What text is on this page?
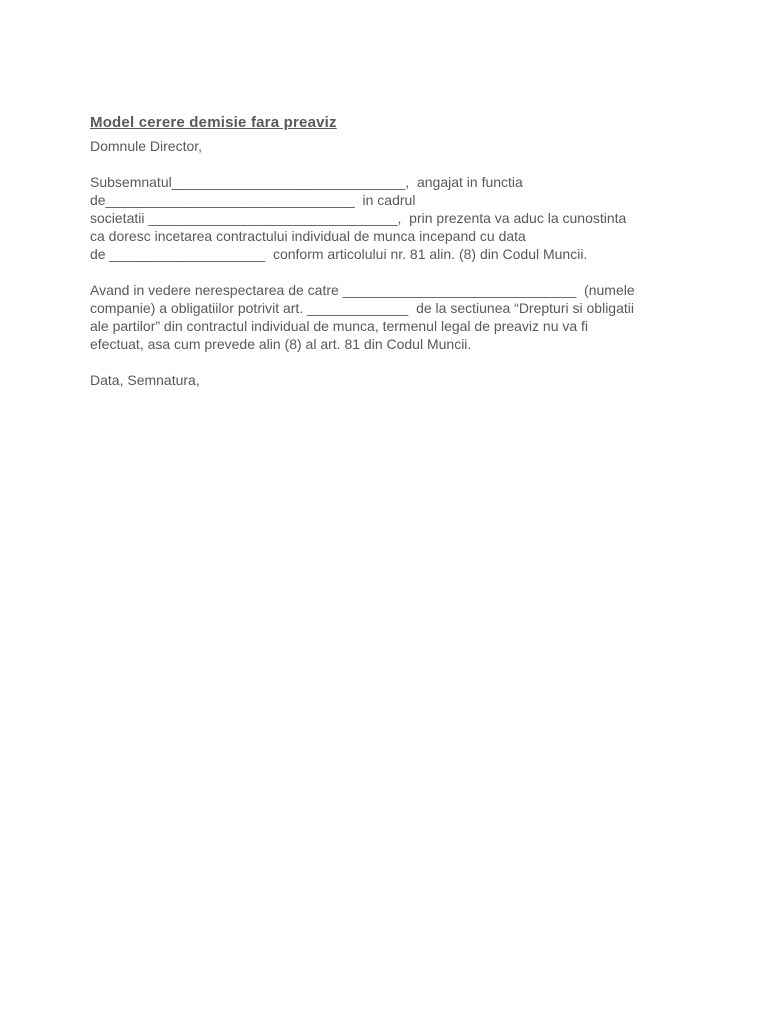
Model cerere demisie fara preaviz
Domnule Director,
Subsemnatul______________________________,  angajat in functia
de________________________________  in cadrul
societatii ________________________________,  prin prezenta va aduc la cunostinta
ca doresc incetarea contractului individual de munca incepand cu data
de ____________________  conform articolului nr. 81 alin. (8) din Codul Muncii.
Avand in vedere nerespectarea de catre ______________________________  (numele
companie) a obligatiilor potrivit art. _____________  de la sectiunea “Drepturi si obligatii
ale partilor” din contractul individual de munca, termenul legal de preaviz nu va fi
efectuat, asa cum prevede alin (8) al art. 81 din Codul Muncii.
Data, Semnatura,
